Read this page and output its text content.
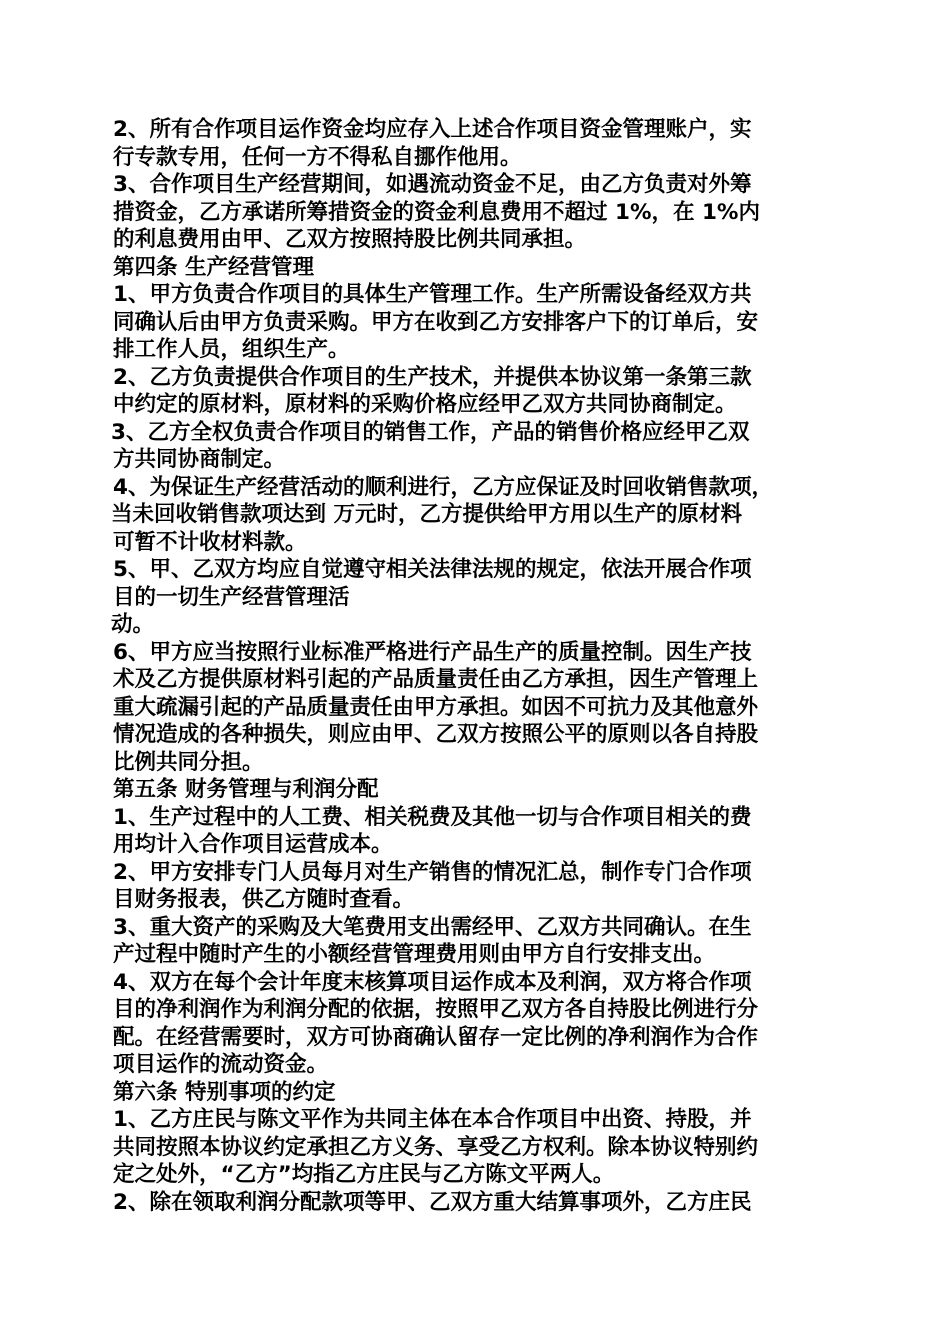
2、所有合作项目运作资金均应存入上述合作项目资金管理账户，实
行专款专用，任何一方不得私自挪作他用。
3、合作项目生产经营期间，如遇流动资金不足，由乙方负责对外筹
措资金，乙方承诺所筹措资金的资金利息费用不超过 1%，在 1%内
的利息费用由甲、乙双方按照持股比例共同承担。
第四条 生产经营管理
1、甲方负责合作项目的具体生产管理工作。生产所需设备经双方共
同确认后由甲方负责采购。甲方在收到乙方安排客户下的订单后，安
排工作人员，组织生产。
2、乙方负责提供合作项目的生产技术，并提供本协议第一条第三款
中约定的原材料，原材料的采购价格应经甲乙双方共同协商制定。
3、乙方全权负责合作项目的销售工作，产品的销售价格应经甲乙双
方共同协商制定。
4、为保证生产经营活动的顺利进行，乙方应保证及时回收销售款项，
当未回收销售款项达到 万元时，乙方提供给甲方用以生产的原材料
可暂不计收材料款。
5、甲、乙双方均应自觉遵守相关法律法规的规定，依法开展合作项
目的一切生产经营管理活
动。
6、甲方应当按照行业标准严格进行产品生产的质量控制。因生产技
术及乙方提供原材料引起的产品质量责任由乙方承担，因生产管理上
重大疏漏引起的产品质量责任由甲方承担。如因不可抗力及其他意外
情况造成的各种损失，则应由甲、乙双方按照公平的原则以各自持股
比例共同分担。
第五条 财务管理与利润分配
1、生产过程中的人工费、相关税费及其他一切与合作项目相关的费
用均计入合作项目运营成本。
2、甲方安排专门人员每月对生产销售的情况汇总，制作专门合作项
目财务报表，供乙方随时查看。
3、重大资产的采购及大笔费用支出需经甲、乙双方共同确认。在生
产过程中随时产生的小额经营管理费用则由甲方自行安排支出。
4、双方在每个会计年度末核算项目运作成本及利润，双方将合作项
目的净利润作为利润分配的依据，按照甲乙双方各自持股比例进行分
配。在经营需要时，双方可协商确认留存一定比例的净利润作为合作
项目运作的流动资金。
第六条 特别事项的约定
1、乙方庄民与陈文平作为共同主体在本合作项目中出资、持股，并
共同按照本协议约定承担乙方义务、享受乙方权利。除本协议特别约
定之处外，“乙方”均指乙方庄民与乙方陈文平两人。
2、除在领取利润分配款项等甲、乙双方重大结算事项外，乙方庄民
